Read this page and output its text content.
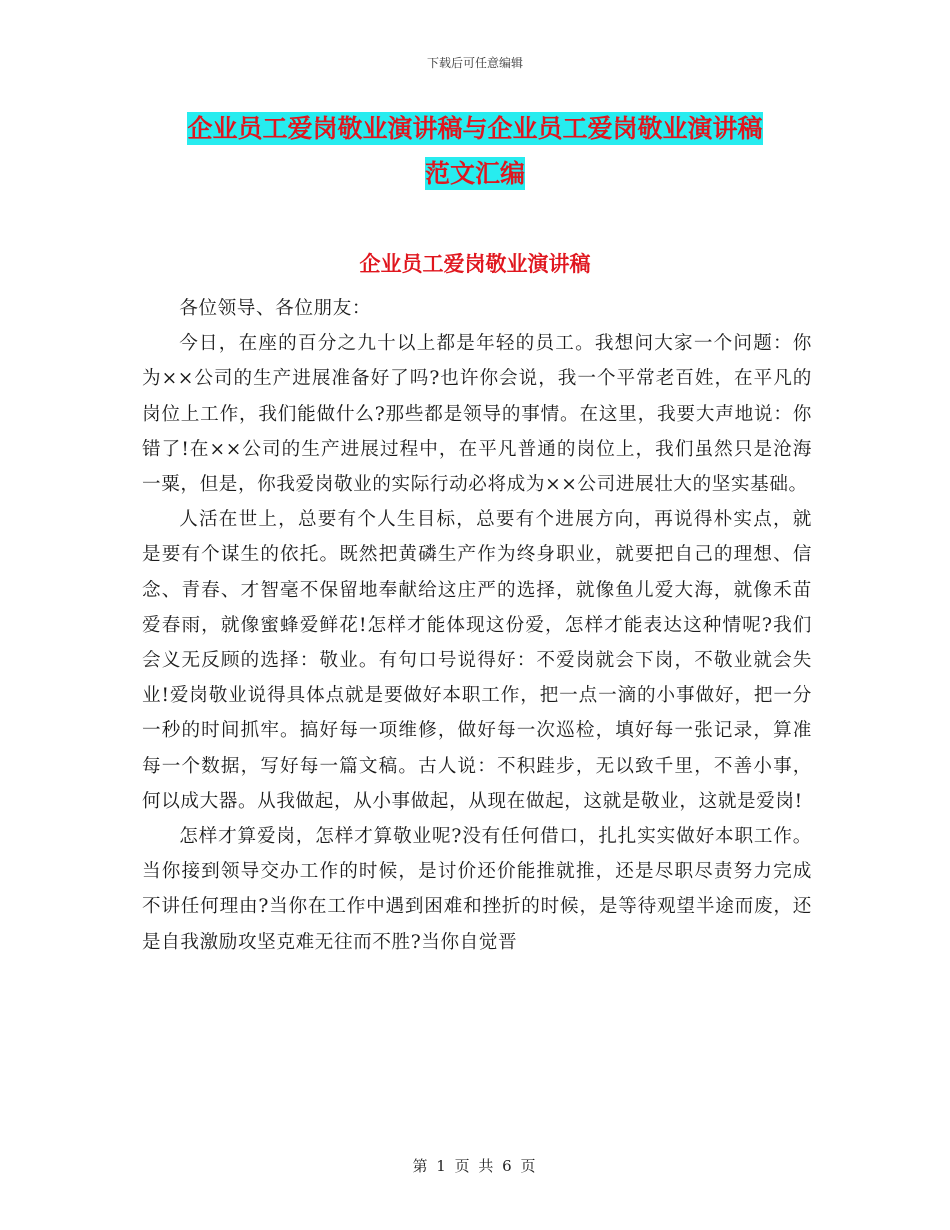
下载后可任意编辑
企业员工爱岗敬业演讲稿与企业员工爱岗敬业演讲稿
范文汇编
企业员工爱岗敬业演讲稿

各位领导、各位朋友：

今日，在座的百分之九十以上都是年轻的员工。我想问大家一个问题：你为××公司的生产进展准备好了吗?也许你会说，我一个平常老百姓，在平凡的岗位上工作，我们能做什么?那些都是领导的事情。在这里，我要大声地说：你错了!在××公司的生产进展过程中，在平凡普通的岗位上，我们虽然只是沧海一粟，但是，你我爱岗敬业的实际行动必将成为××公司进展壮大的坚实基础。

人活在世上，总要有个人生目标，总要有个进展方向，再说得朴实点，就是要有个谋生的依托。既然把黄磷生产作为终身职业，就要把自己的理想、信念、青春、才智毫不保留地奉献给这庄严的选择，就像鱼儿爱大海，就像禾苗爱春雨，就像蜜蜂爱鲜花!怎样才能体现这份爱，怎样才能表达这种情呢?我们会义无反顾的选择：敬业。有句口号说得好：不爱岗就会下岗，不敬业就会失业!爱岗敬业说得具体点就是要做好本职工作，把一点一滴的小事做好，把一分一秒的时间抓牢。搞好每一项维修，做好每一次巡检，填好每一张记录，算准每一个数据，写好每一篇文稿。古人说：不积跬步，无以致千里，不善小事，何以成大器。从我做起，从小事做起，从现在做起，这就是敬业，这就是爱岗!

怎样才算爱岗，怎样才算敬业呢?没有任何借口，扎扎实实做好本职工作。当你接到领导交办工作的时候，是讨价还价能推就推，还是尽职尽责努力完成不讲任何理由?当你在工作中遇到困难和挫折的时候，是等待观望半途而废，还是自我激励攻坚克难无往而不胜?当你自觉晋

第 1 页 共 6 页
